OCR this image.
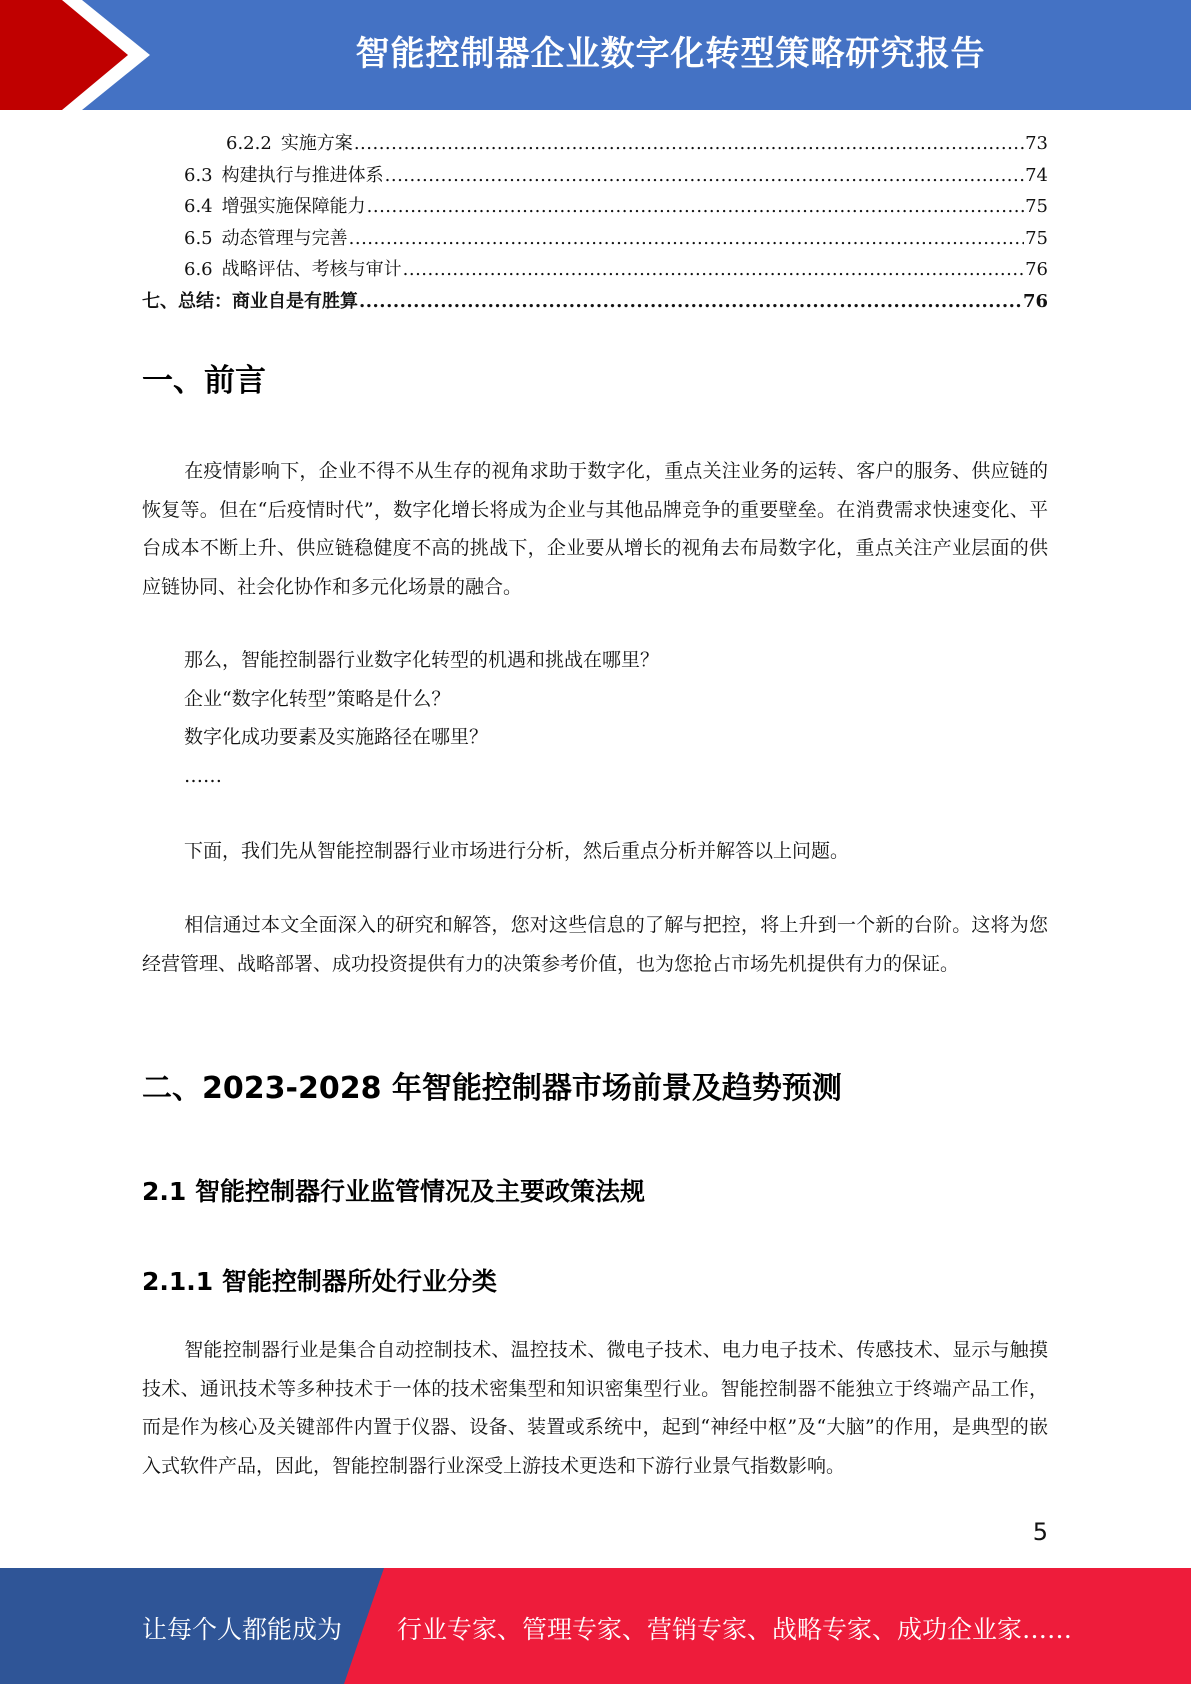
智能控制器企业数字化转型策略研究报告
6.2.2 实施方案 .....	73
6.3 构建执行与推进体系 .....	74
6.4 增强实施保障能力 .....	75
6.5 动态管理与完善 .....	75
6.6 战略评估、考核与审计 .....	76
七、总结：商业自是有胜算 .....	76
一、前言
在疫情影响下，企业不得不从生存的视角求助于数字化，重点关注业务的运转、客户的服务、供应链的恢复等。但在“后疫情时代”，数字化增长将成为企业与其他品牌竞争的重要壁垒。在消费需求快速变化、平台成本不断上升、供应链稳健度不高的挑战下，企业要从增长的视角去布局数字化，重点关注产业层面的供应链协同、社会化协作和多元化场景的融合。
那么，智能控制器行业数字化转型的机遇和挑战在哪里？
企业“数字化转型”策略是什么？
数字化成功要素及实施路径在哪里？
……
下面，我们先从智能控制器行业市场进行分析，然后重点分析并解答以上问题。
相信通过本文全面深入的研究和解答，您对这些信息的了解与把控，将上升到一个新的台阶。这将为您经营管理、战略部署、成功投资提供有力的决策参考价值，也为您抢占市场先机提供有力的保证。
二、2023-2028 年智能控制器市场前景及趋势预测
2.1 智能控制器行业监管情况及主要政策法规
2.1.1 智能控制器所处行业分类
智能控制器行业是集合自动控制技术、温控技术、微电子技术、电力电子技术、传感技术、显示与触摸技术、通讯技术等多种技术于一体的技术密集型和知识密集型行业。智能控制器不能独立于终端产品工作，而是作为核心及关键部件内置于仪器、设备、装置或系统中，起到“神经中枢”及“大脑”的作用，是典型的嵌入式软件产品，因此，智能控制器行业深受上游技术更迭和下游行业景气指数影响。
5
让每个人都能成为 行业专家、管理专家、营销专家、战略专家、成功企业家……
